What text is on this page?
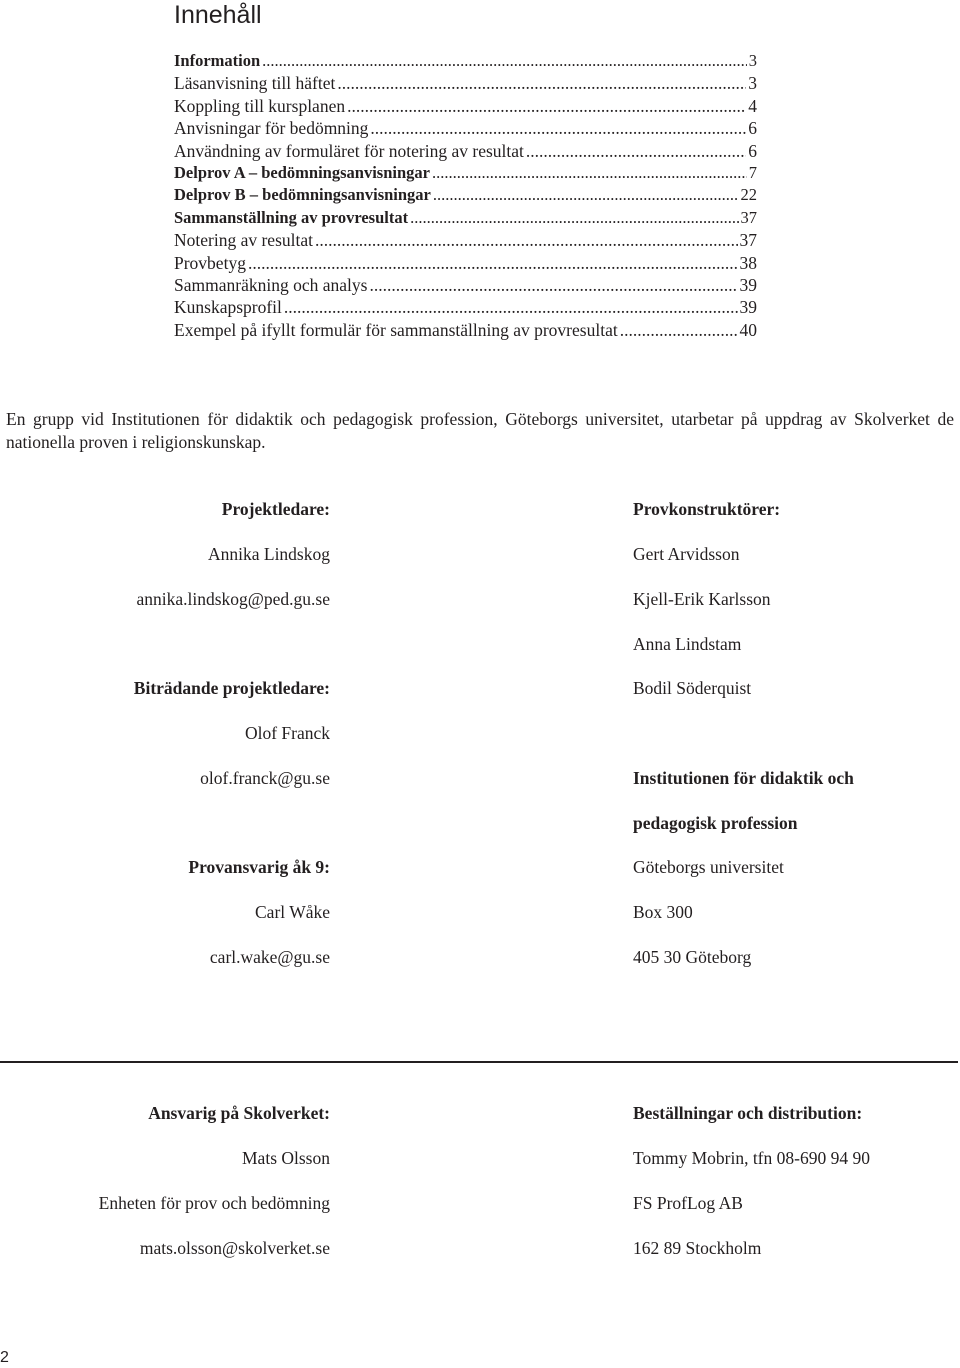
Innehåll
Information .....	3
Läsanvisning till häftet .....	3
Koppling till kursplanen .....	4
Anvisningar för bedömning .....	6
Användning av formuläret för notering av resultat .....	6
Delprov A – bedömningsanvisningar .....	7
Delprov B – bedömningsanvisningar .....	22
Sammanställning av provresultat .....	37
Notering av resultat .....	37
Provbetyg .....	38
Sammanräkning och analys .....	39
Kunskapsprofil .....	39
Exempel på ifyllt formulär för sammanställning av provresultat .....	40

En grupp vid Institutionen för didaktik och pedagogisk profession, Göteborgs universitet, utarbetar på uppdrag av Skolverket de nationella proven i religionskunskap.

Projektledare:
Annika Lindskog
annika.lindskog@ped.gu.se
Biträdande projektledare:
Olof Franck
olof.franck@gu.se
Provansvarig åk 9:
Carl Wåke
carl.wake@gu.se
Provkonstruktörer:
Gert Arvidsson
Kjell-Erik Karlsson
Anna Lindstam
Bodil Söderquist
Institutionen för didaktik och
pedagogisk profession
Göteborgs universitet
Box 300
405 30 Göteborg
Ansvarig på Skolverket:
Mats Olsson
Enheten för prov och bedömning
mats.olsson@skolverket.se
Beställningar och distribution:
Tommy Mobrin, tfn 08-690 94 90
FS ProfLog AB
162 89 Stockholm
2
